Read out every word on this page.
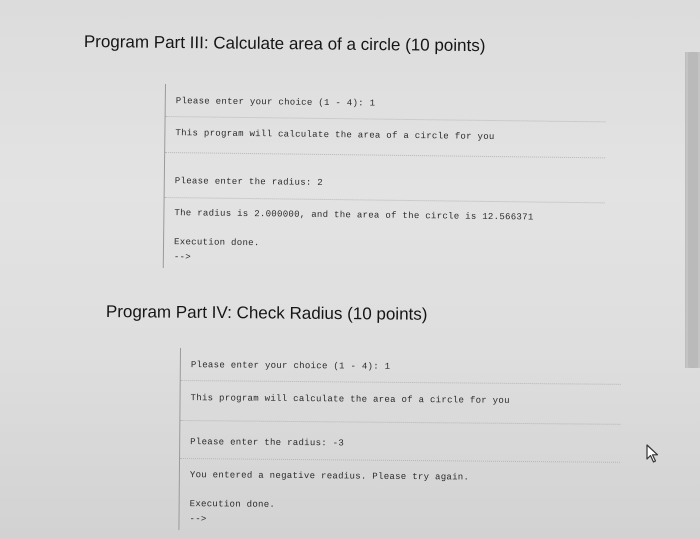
Program Part III: Calculate area of a circle (10 points)
Please enter your choice (1 - 4): 1
This program will calculate the area of a circle for you
Please enter the radius: 2
The radius is 2.000000, and the area of the circle is 12.566371
Execution done.
-->
Program Part IV: Check Radius (10 points)
Please enter your choice (1 - 4): 1
This program will calculate the area of a circle for you
Please enter the radius: -3
You entered a negative readius. Please try again.
Execution done.
-->
